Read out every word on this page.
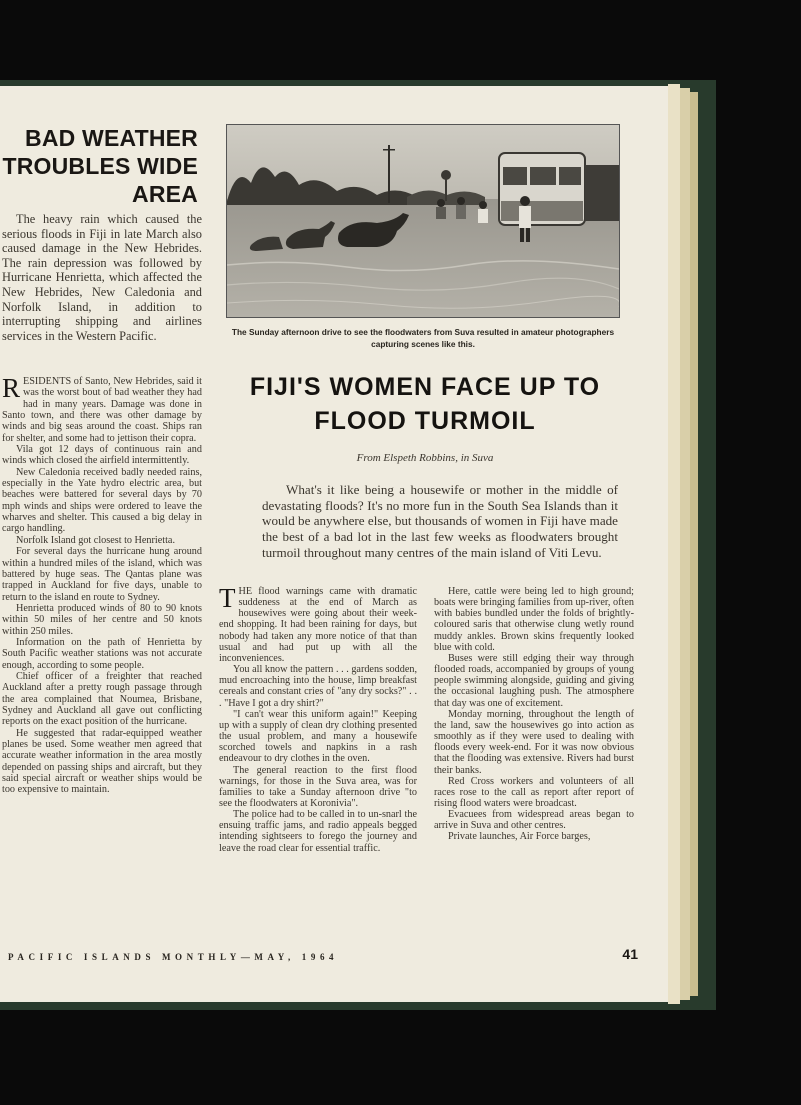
BAD WEATHER
TROUBLES WIDE
AREA

The heavy rain which caused the serious floods in Fiji in late March also caused damage in the New Hebrides. The rain depression was followed by Hurricane Henrietta, which affected the New Hebrides, New Caledonia and Norfolk Island, in addition to interrupting shipping and airlines services in the Western Pacific.

RESIDENTS of Santo, New Hebrides, said it was the worst bout of bad weather they had had in many years. Damage was done in Santo town, and there was other damage by winds and big seas around the coast. Ships ran for shelter, and some had to jettison their copra.

Vila got 12 days of continuous rain and winds which closed the airfield intermittently.

New Caledonia received badly needed rains, especially in the Yate hydro electric area, but beaches were battered for several days by 70 mph winds and ships were ordered to leave the wharves and shelter. This caused a big delay in cargo handling.

Norfolk Island got closest to Henrietta.

For several days the hurricane hung around within a hundred miles of the island, which was battered by huge seas. The Qantas plane was trapped in Auckland for five days, unable to return to the island en route to Sydney.

Henrietta produced winds of 80 to 90 knots within 50 miles of her centre and 50 knots within 250 miles.

Information on the path of Henrietta by South Pacific weather stations was not accurate enough, according to some people.

Chief officer of a freighter that reached Auckland after a pretty rough passage through the area complained that Noumea, Brisbane, Sydney and Auckland all gave out conflicting reports on the exact position of the hurricane.

He suggested that radar-equipped weather planes be used. Some weather men agreed that accurate weather information in the area mostly depended on passing ships and aircraft, but they said special aircraft or weather ships would be too expensive to maintain.

The Sunday afternoon drive to see the floodwaters from Suva resulted in amateur photographers capturing scenes like this.
FIJI'S WOMEN FACE UP TO
FLOOD TURMOIL
From Elspeth Robbins, in Suva

What's it like being a housewife or mother in the middle of devastating floods? It's no more fun in the South Sea Islands than it would be anywhere else, but thousands of women in Fiji have made the best of a bad lot in the last few weeks as floodwaters brought turmoil throughout many centres of the main island of Viti Levu.

THE flood warnings came with dramatic suddeness at the end of March as housewives were going about their week-end shopping. It had been raining for days, but nobody had taken any more notice of that than usual and had put up with all the inconveniences.

You all know the pattern . . . gardens sodden, mud encroaching into the house, limp breakfast cereals and constant cries of "any dry socks?" . . . "Have I got a dry shirt?"

"I can't wear this uniform again!" Keeping up with a supply of clean dry clothing presented the usual problem, and many a housewife scorched towels and napkins in a rash endeavour to dry clothes in the oven.

The general reaction to the first flood warnings, for those in the Suva area, was for families to take a Sunday afternoon drive "to see the floodwaters at Koronivia".

The police had to be called in to un-snarl the ensuing traffic jams, and radio appeals begged intending sightseers to forego the journey and leave the road clear for essential traffic.

Here, cattle were being led to high ground; boats were bringing families from up-river, often with babies bundled under the folds of brightly-coloured saris that otherwise clung wetly round muddy ankles. Brown skins frequently looked blue with cold.

Buses were still edging their way through flooded roads, accompanied by groups of young people swimming alongside, guiding and giving the occasional laughing push. The atmosphere that day was one of excitement.

Monday morning, throughout the length of the land, saw the housewives go into action as smoothly as if they were used to dealing with floods every week-end. For it was now obvious that the flooding was extensive. Rivers had burst their banks.

Red Cross workers and volunteers of all races rose to the call as report after report of rising flood waters were broadcast.

Evacuees from widespread areas began to arrive in Suva and other centres.

Private launches, Air Force barges,

PACIFIC ISLANDS MONTHLY—MAY, 1964	41
